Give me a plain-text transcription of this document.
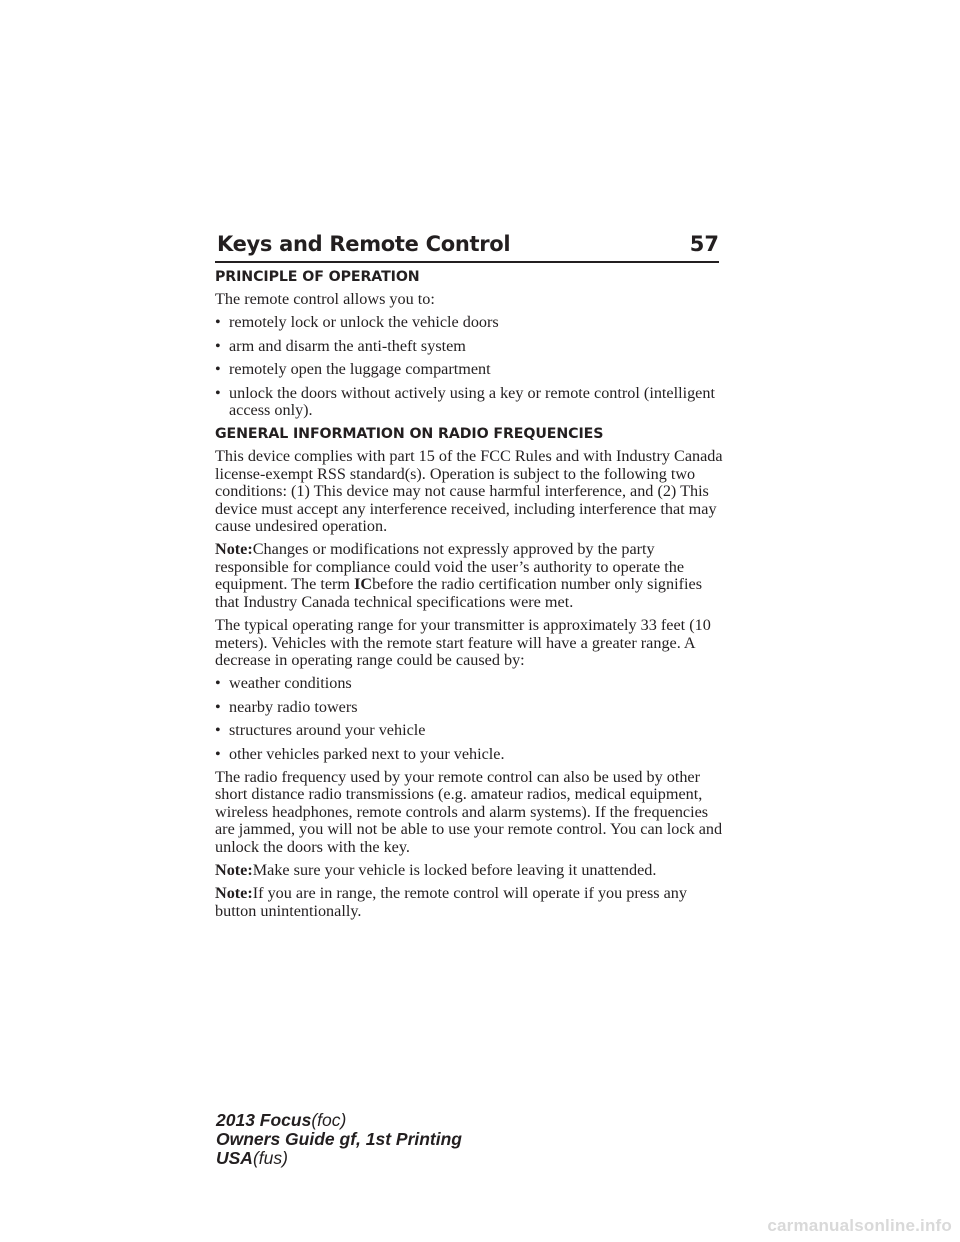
Keys and Remote Control	57
PRINCIPLE OF OPERATION
The remote control allows you to:
• remotely lock or unlock the vehicle doors
• arm and disarm the anti-theft system
• remotely open the luggage compartment
• unlock the doors without actively using a key or remote control (intelligent access only).
GENERAL INFORMATION ON RADIO FREQUENCIES
This device complies with part 15 of the FCC Rules and with Industry Canada license-exempt RSS standard(s). Operation is subject to the following two conditions: (1) This device may not cause harmful interference, and (2) This device must accept any interference received, including interference that may cause undesired operation.
Note:Changes or modifications not expressly approved by the party responsible for compliance could void the user’s authority to operate the equipment. The term ICbefore the radio certification number only signifies that Industry Canada technical specifications were met.
The typical operating range for your transmitter is approximately 33 feet (10 meters). Vehicles with the remote start feature will have a greater range. A decrease in operating range could be caused by:
• weather conditions
• nearby radio towers
• structures around your vehicle
• other vehicles parked next to your vehicle.
The radio frequency used by your remote control can also be used by other short distance radio transmissions (e.g. amateur radios, medical equipment, wireless headphones, remote controls and alarm systems). If the frequencies are jammed, you will not be able to use your remote control. You can lock and unlock the doors with the key.
Note:Make sure your vehicle is locked before leaving it unattended.
Note:If you are in range, the remote control will operate if you press any button unintentionally.
2013 Focus(foc)
Owners Guide gf, 1st Printing
USA(fus)
carmanualsonline.info
